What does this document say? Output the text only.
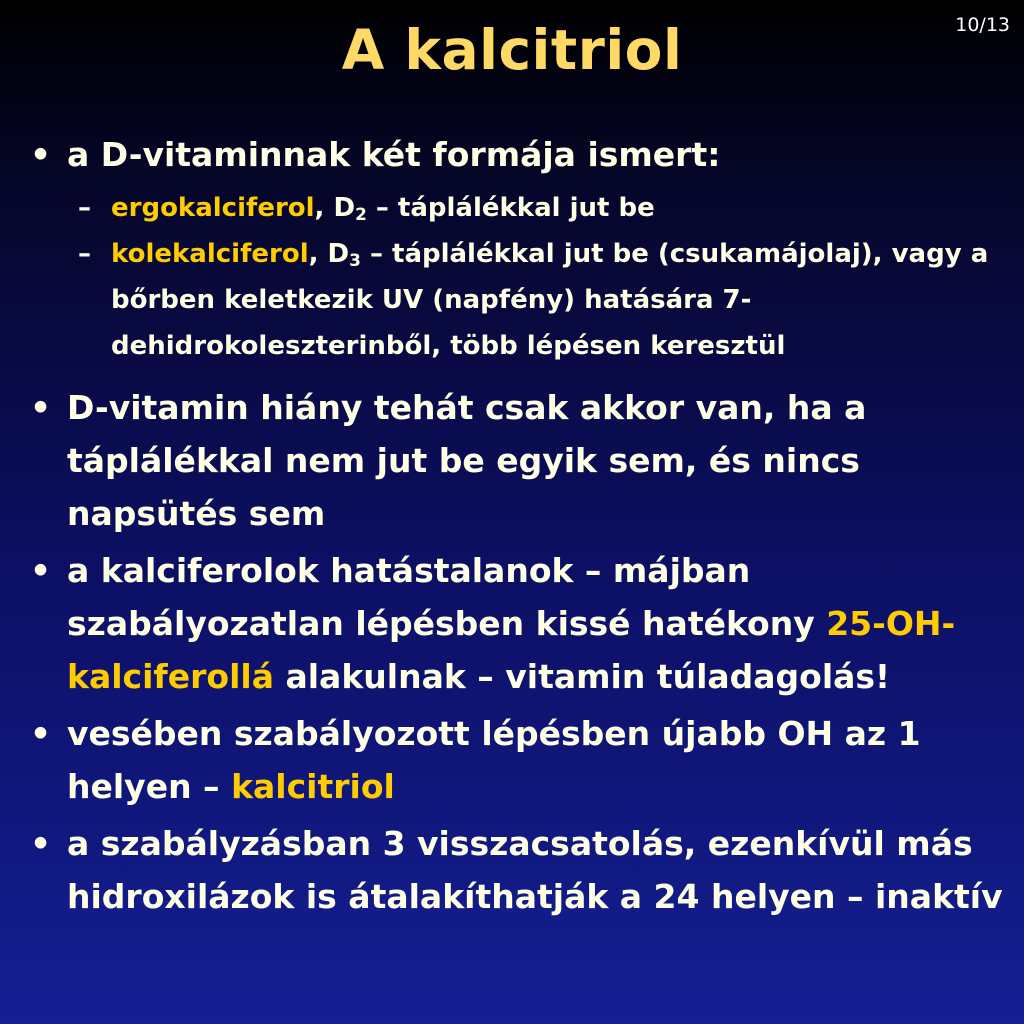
10/13
A kalcitriol
• a D-vitaminnak két formája ismert:
– ergokalciferol, $D_2$ – táplálékkal jut be
– kolekalciferol, $D_3$ – táplálékkal jut be (csukamájolaj), vagy a bőrben keletkezik UV (napfény) hatására 7-dehidrokoleszterinből, több lépésen keresztül
• D-vitamin hiány tehát csak akkor van, ha a táplálékkal nem jut be egyik sem, és nincs napsütés sem
• a kalciferolok hatástalanok – májban szabályozatlan lépésben kissé hatékony 25-OH-kalciferollá alakulnak – vitamin túladagolás!
• vesében szabályozott lépésben újabb OH az 1 helyen – kalcitriol
• a szabályzásban 3 visszacsatolás, ezenkívül más hidroxilázok is átalakíthatják a 24 helyen – inaktív
